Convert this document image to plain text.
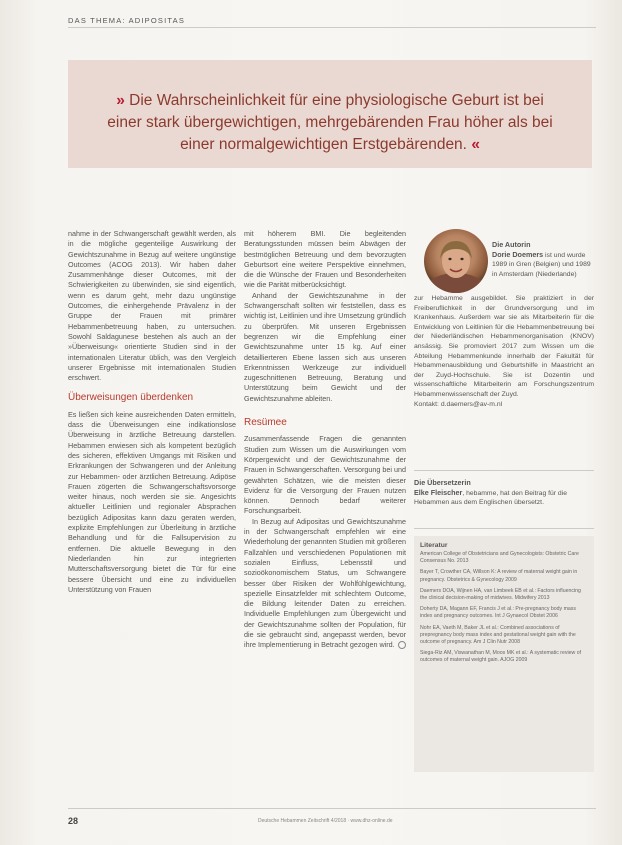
DAS THEMA: ADIPOSITAS
» Die Wahrscheinlichkeit für eine physiologische Geburt ist bei
einer stark übergewichtigen, mehrgebärenden Frau höher als bei
einer normalgewichtigen Erstgebärenden. «

nahme in der Schwangerschaft gewählt werden, als in die mögliche gegenteilige Auswirkung der Gewichtszunahme in Bezug auf weitere ungünstige Outcomes (ACOG 2013). Wir haben daher Zusammenhänge dieser Outcomes, mit der Schwierigkeiten zu überwinden, sie sind eigentlich, wenn es darum geht, mehr dazu ungünstige Outcomes, die einhergehende Prävalenz in der Gruppe der Frauen mit primärer Hebammenbetreuung haben, zu untersuchen. Sowohl Saldagunese bestehen als auch an der »Überweisung« orientierte Studien sind in der internationalen Literatur üblich, was den Vergleich unserer Ergebnisse mit internationalen Studien erschwert.

Überweisungen überdenken

Es ließen sich keine ausreichenden Daten ermitteln, dass die Überweisungen eine indikationslose Überweisung in ärztliche Betreuung darstellen. Hebammen erwiesen sich als kompetent bezüglich des sicheren, effektiven Umgangs mit Risiken und Erkrankungen der Schwangeren und der Anleitung zur Hebammen- oder ärztlichen Betreuung. Adipöse Frauen zögerten die Schwangerschaftsvorsorge weiter hinaus, noch werden sie sie. Angesichts aktueller Leitlinien und regionaler Absprachen bezüglich Adipositas kann dazu geraten werden, explizite Empfehlungen zur Überleitung in ärztliche Behandlung und für die Fallsupervision zu entfernen. Die aktuelle Bewegung in den Niederlanden hin zur integrierten Mutterschaftsversorgung bietet die Tür für eine bessere Übersicht und eine zu individuellen Unterstützung von Frauen

mit höherem BMI. Die begleitenden Beratungsstunden müssen beim Abwägen der bestmöglichen Betreuung und dem bevorzugten Geburtsort eine weitere Perspektive einnehmen, die die Wünsche der Frauen und Besonderheiten wie die Parität mitberücksichtigt.

Anhand der Gewichtszunahme in der Schwangerschaft sollten wir feststellen, dass es wichtig ist, Leitlinien und ihre Umsetzung gründlich zu überprüfen. Mit unseren Ergebnissen begrenzen wir die Empfehlung einer Gewichtszunahme unter 15 kg. Auf einer detaillierteren Ebene lassen sich aus unseren Erkenntnissen Werkzeuge zur individuell zugeschnittenen Betreuung, Beratung und Unterstützung beim Gewicht und der Gewichtszunahme ableiten.

Resümee

Zusammenfassende Fragen die genannten Studien zum Wissen um die Auswirkungen vom Körpergewicht und der Gewichtszunahme der Frauen in Schwangerschaften. Versorgung bei und gewährten Schätzen, wie die meisten dieser Evidenz für die Versorgung der Frauen nutzen können. Dennoch bedarf weiterer Forschungsarbeit.

In Bezug auf Adipositas und Gewichtszunahme in der Schwangerschaft empfehlen wir eine Wiederholung der genannten Studien mit größeren Fallzahlen und verschiedenen Populationen mit sozialen Einfluss, Lebensstil und sozioökonomischem Status, um Schwangere besser über Risiken der Wohlfühlgewichtung, spezielle Einsatzfelder mit schlechtem Outcome, die Bildung leitender Daten zu erreichen. Individuelle Empfehlungen zum Übergewicht und der Gewichtszunahme sollten der Population, für die sie gebraucht sind, angepasst werden, bevor ihre Implementierung in Betracht gezogen wird.

Die Autorin
Dorie Doemers ist und wurde 1989 in Gren (Belgien) und 1989 in Amsterdam (Niederlande)
zur Hebamme ausgebildet. Sie praktiziert in der Freiberuflichkeit in der Grundversorgung und im Krankenhaus. Außerdem war sie als Mitarbeiterin für die Entwicklung von Leitlinien für die Hebammenbetreuung bei der Niederländischen Hebammenorganisation (KNOV) ansässig. Sie promoviert 2017 zum Wissen um die Abteilung Hebammenkunde innerhalb der Fakultät für Hebammenausbildung und Geburtshilfe in Maastricht an der Zuyd-Hochschule. Sie ist Dozentin und wissenschaftliche Mitarbeiterin am Forschungszentrum Hebammenwissenschaft der Zuyd.
Kontakt: d.daemers@av-m.nl
Die Übersetzerin
Elke Fleischer, hebamme, hat den Beitrag für die Hebammen aus dem Englischen übersetzt.
Literatur
American College of Obstetricians and Gynecologists: Obstetric Care Consensus No. 2013
Bayer T, Crowther CA, Willson K: A review of maternal weight gain in pregnancy. Obstetrics & Gynecology 2009
Daemers DOA, Wijnen HA, van Limbeek EB et al.: Factors influencing the clinical decision-making of midwives. Midwifery 2013
Doherty DA, Magann EF, Francis J et al.: Pre-pregnancy body mass index and pregnancy outcomes. Int J Gynaecol Obstet 2006
Nohr EA, Vaeth M, Baker JL et al.: Combined associations of prepregnancy body mass index and gestational weight gain with the outcome of pregnancy. Am J Clin Nutr 2008
Siega-Riz AM, Viswanathan M, Moos MK et al.: A systematic review of outcomes of maternal weight gain. AJOG 2009
28	Deutsche Hebammen Zeitschrift 4/2018 · www.dhz-online.de
